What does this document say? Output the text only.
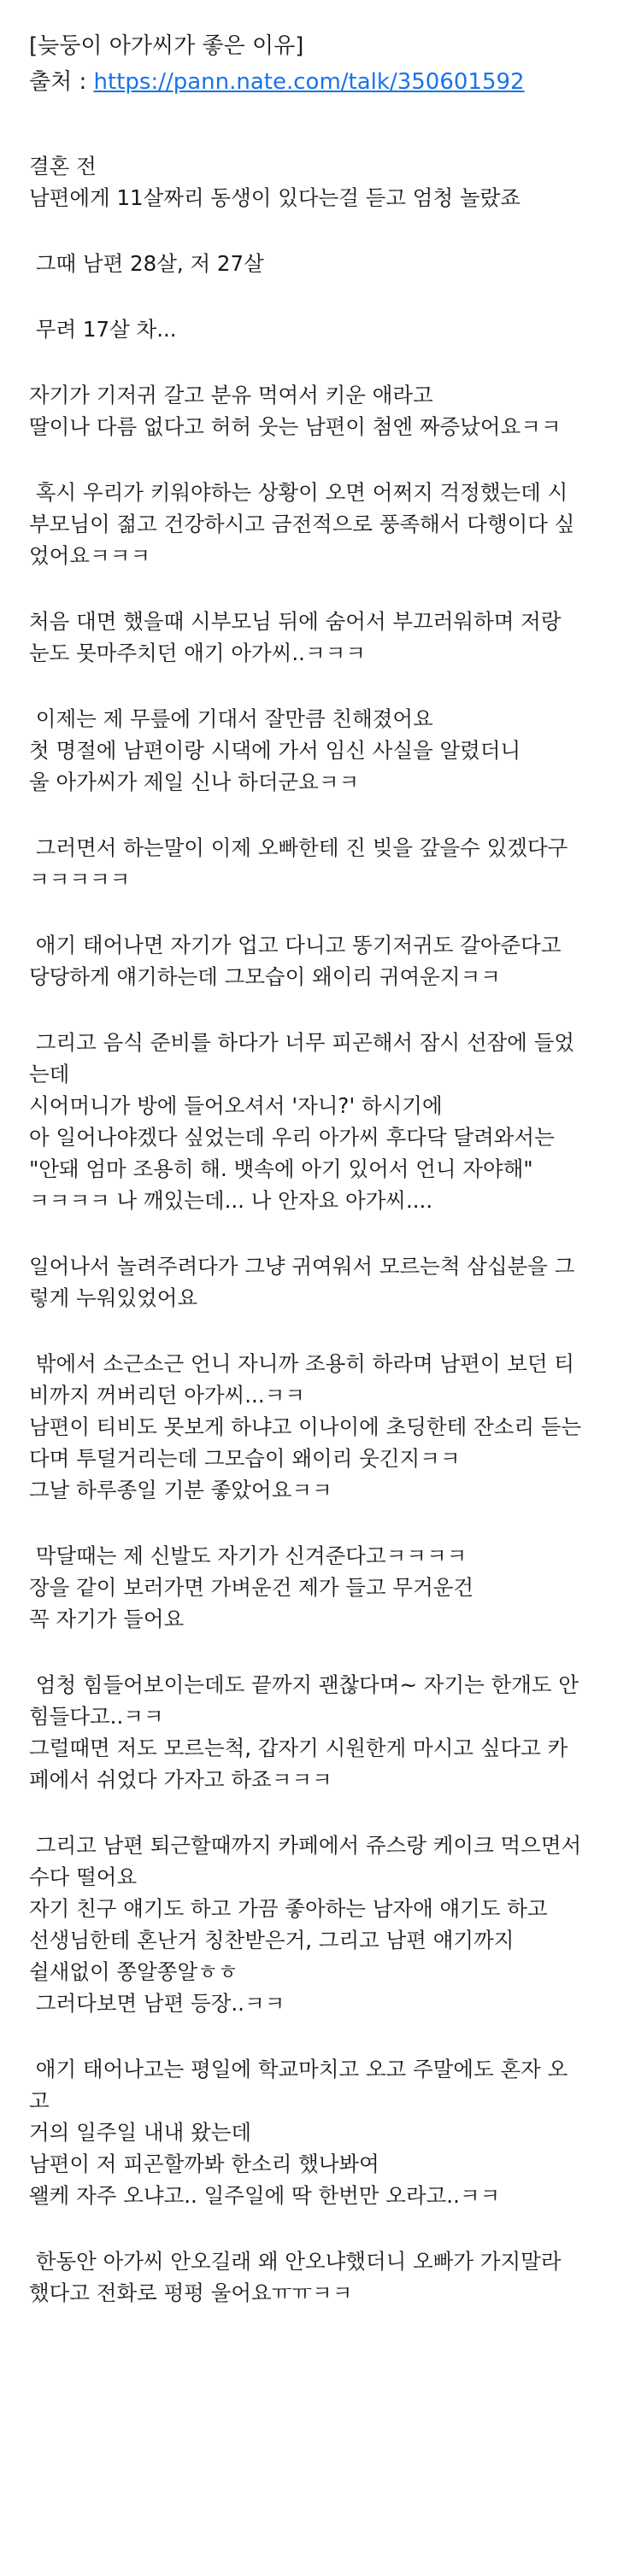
[늦둥이 아가씨가 좋은 이유]
출처 : https://pann.nate.com/talk/350601592
결혼 전
남편에게 11살짜리 동생이 있다는걸 듣고 엄청 놀랐죠
그때 남편 28살, 저 27살
무려 17살 차...
자기가 기저귀 갈고 분유 먹여서 키운 애라고
딸이나 다름 없다고 허허 웃는 남편이 첨엔 짜증났어요ㅋㅋ
혹시 우리가 키워야하는 상황이 오면 어쩌지 걱정했는데 시
부모님이 젊고 건강하시고 금전적으로 풍족해서 다행이다 싶
었어요ㅋㅋㅋ
처음 대면 했을때 시부모님 뒤에 숨어서 부끄러워하며 저랑
눈도 못마주치던 애기 아가씨..ㅋㅋㅋ
이제는 제 무릎에 기대서 잘만큼 친해졌어요
첫 명절에 남편이랑 시댁에 가서 임신 사실을 알렸더니
울 아가씨가 제일 신나 하더군요ㅋㅋ
그러면서 하는말이 이제 오빠한테 진 빚을 갚을수 있겠다구
ㅋㅋㅋㅋㅋ
애기 태어나면 자기가 업고 다니고 똥기저귀도 갈아준다고
당당하게 얘기하는데 그모습이 왜이리 귀여운지ㅋㅋ
그리고 음식 준비를 하다가 너무 피곤해서 잠시 선잠에 들었
는데
시어머니가 방에 들어오셔서 '자니?' 하시기에
아 일어나야겠다 싶었는데 우리 아가씨 후다닥 달려와서는
"안돼 엄마 조용히 해. 뱃속에 아기 있어서 언니 자야해"
ㅋㅋㅋㅋ 나 깨있는데... 나 안자요 아가씨....
일어나서 놀려주려다가 그냥 귀여워서 모르는척 삼십분을 그
렇게 누워있었어요
밖에서 소근소근 언니 자니까 조용히 하라며 남편이 보던 티
비까지 꺼버리던 아가씨...ㅋㅋ
남편이 티비도 못보게 하냐고 이나이에 초딩한테 잔소리 듣는
다며 투덜거리는데 그모습이 왜이리 웃긴지ㅋㅋ
그날 하루종일 기분 좋았어요ㅋㅋ
막달때는 제 신발도 자기가 신겨준다고ㅋㅋㅋㅋ
장을 같이 보러가면 가벼운건 제가 들고 무거운건
꼭 자기가 들어요
엄청 힘들어보이는데도 끝까지 괜찮다며~ 자기는 한개도 안
힘들다고..ㅋㅋ
그럴때면 저도 모르는척, 갑자기 시원한게 마시고 싶다고 카
페에서 쉬었다 가자고 하죠ㅋㅋㅋ
그리고 남편 퇴근할때까지 카페에서 쥬스랑 케이크 먹으면서
수다 떨어요
자기 친구 얘기도 하고 가끔 좋아하는 남자애 얘기도 하고
선생님한테 혼난거 칭찬받은거, 그리고 남편 얘기까지
쉴새없이 쫑알쫑알ㅎㅎ
그러다보면 남편 등장..ㅋㅋ
애기 태어나고는 평일에 학교마치고 오고 주말에도 혼자 오
고
거의 일주일 내내 왔는데
남편이 저 피곤할까봐 한소리 했나봐여
왤케 자주 오냐고.. 일주일에 딱 한번만 오라고..ㅋㅋ
한동안 아가씨 안오길래 왜 안오냐했더니 오빠가 가지말라
했다고 전화로 펑펑 울어요ㅠㅠㅋㅋ
